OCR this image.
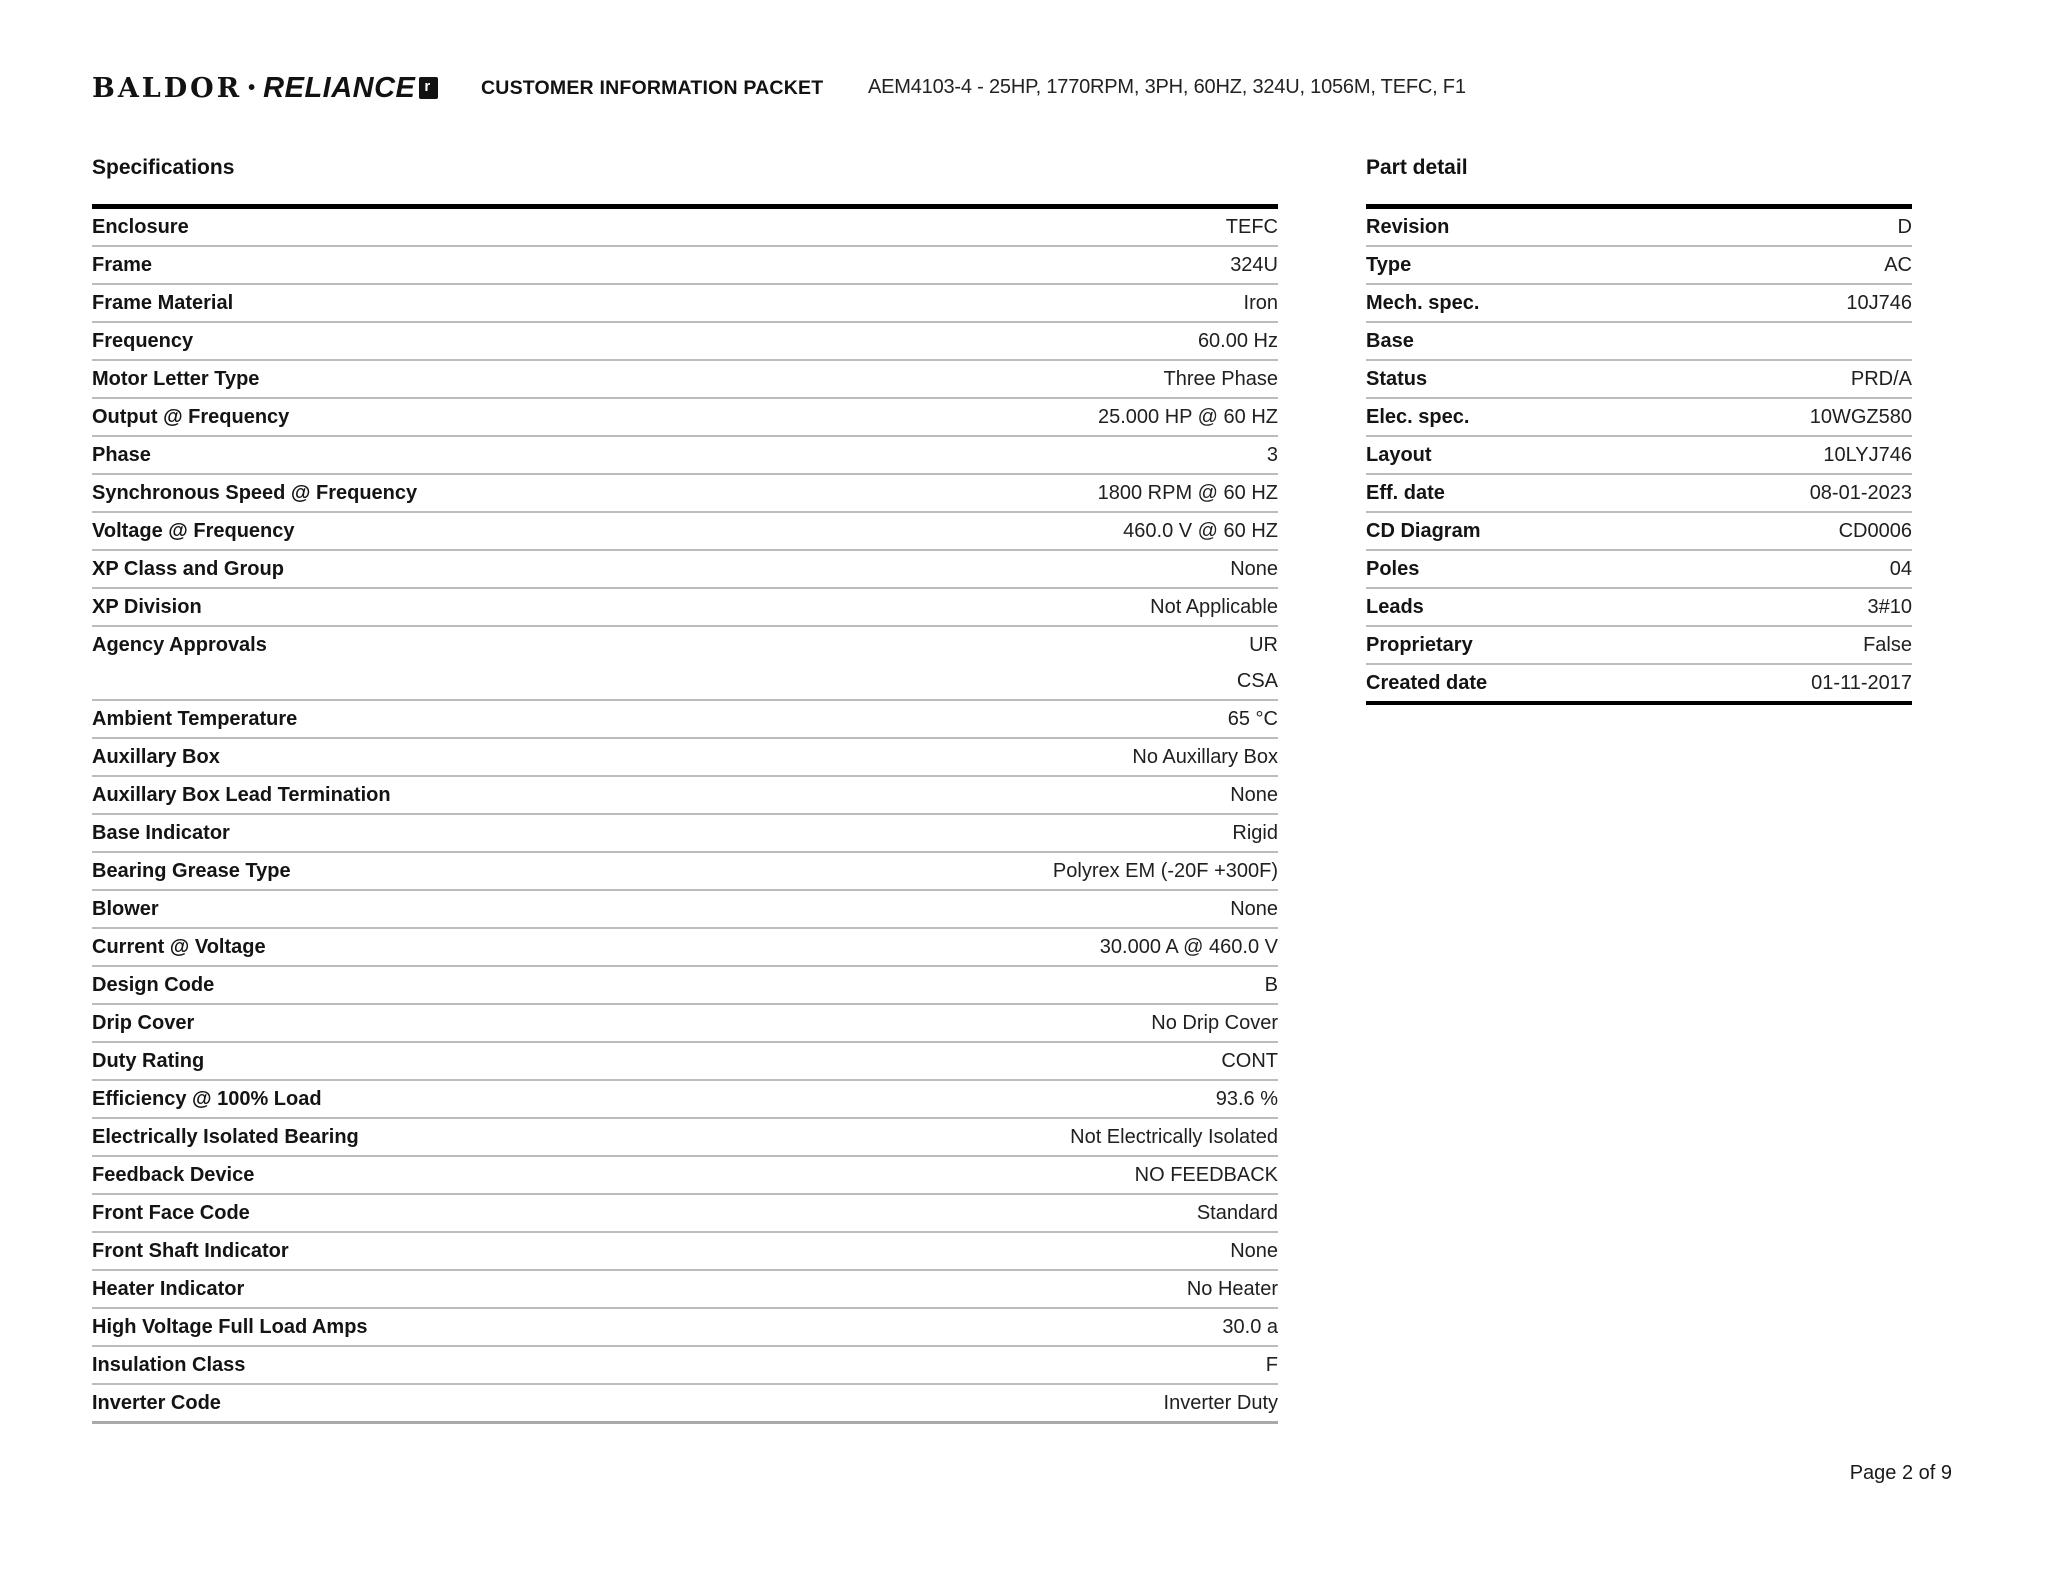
BALDOR • RELIANCE r	CUSTOMER INFORMATION PACKET AEM4103-4 - 25HP, 1770RPM, 3PH, 60HZ, 324U, 1056M, TEFC, F1
Specifications	Part detail
Enclosure	TEFC
Frame	324U
Frame Material	Iron
Frequency	60.00 Hz
Motor Letter Type	Three Phase
Output @ Frequency	25.000 HP @ 60 HZ
Phase	3
Synchronous Speed @ Frequency	1800 RPM @ 60 HZ
Voltage @ Frequency	460.0 V @ 60 HZ
XP Class and Group	None
XP Division	Not Applicable
Agency Approvals	UR
CSA
Ambient Temperature	65 °C
Auxillary Box	No Auxillary Box
Auxillary Box Lead Termination	None
Base Indicator	Rigid
Bearing Grease Type	Polyrex EM (-20F +300F)
Blower	None
Current @ Voltage	30.000 A @ 460.0 V
Design Code	B
Drip Cover	No Drip Cover
Duty Rating	CONT
Efficiency @ 100% Load	93.6 %
Electrically Isolated Bearing	Not Electrically Isolated
Feedback Device	NO FEEDBACK
Front Face Code	Standard
Front Shaft Indicator	None
Heater Indicator	No Heater
High Voltage Full Load Amps	30.0 a
Insulation Class	F
Inverter Code	Inverter Duty
Revision	D
Type	AC
Mech. spec.	10J746
Base
Status	PRD/A
Elec. spec.	10WGZ580
Layout	10LYJ746
Eff. date	08-01-2023
CD Diagram	CD0006
Poles	04
Leads	3#10
Proprietary	False
Created date	01-11-2017
Page 2 of 9
